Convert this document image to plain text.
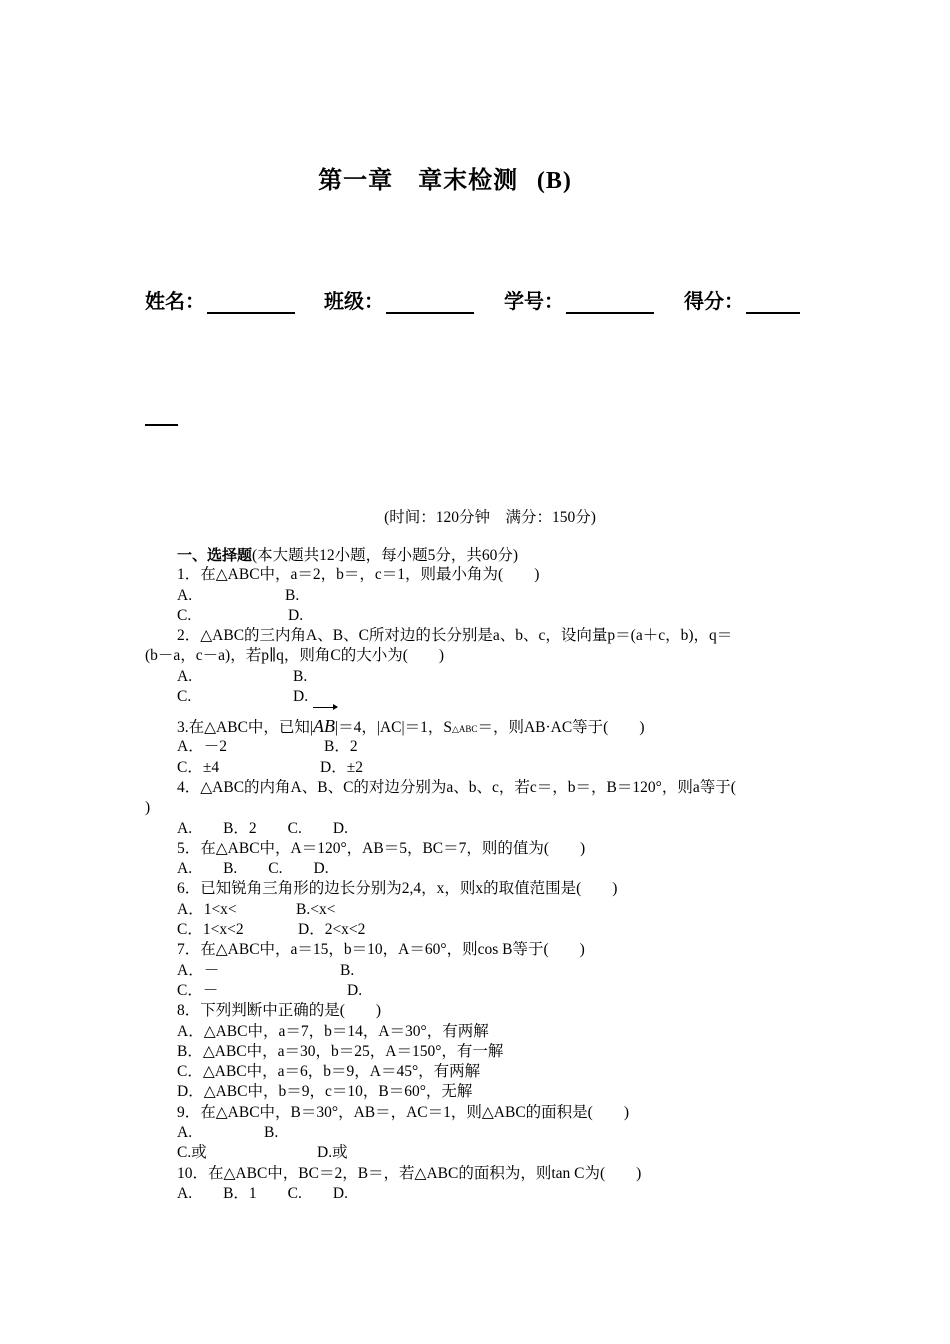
第一章　章末检测 (B)
姓名：	班级：	学号：	得分：
(时间：120分钟　满分：150分)
一、选择题(本大题共12小题，每小题5分，共60分)
1．在△ABC中，a＝2，b＝，c＝1，则最小角为(　　)
A.	B.
C.	D.
2．△ABC的三内角A、B、C所对边的长分别是a、b、c，设向量p＝(a＋c，b)，q＝
(b－a，c－a)，若p∥q，则角C的大小为(　　)
A.	B.
C.	D.
3.在△ABC中，已知|AB|＝4，|AC|＝1，S△ABC＝，则AB·AC等于(　　)
A．－2	B．2
C．±4	D．±2
4．△ABC的内角A、B、C的对边分别为a、b、c，若c＝，b＝，B＝120°，则a等于(
)
A.　　B．2　　C.　　D.
5．在△ABC中，A＝120°，AB＝5，BC＝7，则的值为(　　)
A.　　B.　　C.　　D.
6．已知锐角三角形的边长分别为2,4，x，则x的取值范围是(　　)
A．1<x<	B.<x<
C．1<x<2	D．2<x<2
7．在△ABC中，a＝15，b＝10，A＝60°，则cos B等于(　　)
A．－	B.
C．－	D.
8．下列判断中正确的是(　　)
A．△ABC中，a＝7，b＝14，A＝30°，有两解
B．△ABC中，a＝30，b＝25，A＝150°，有一解
C．△ABC中，a＝6，b＝9，A＝45°，有两解
D．△ABC中，b＝9，c＝10，B＝60°，无解
9．在△ABC中，B＝30°，AB＝，AC＝1，则△ABC的面积是(　　)
A.	B.
C.或	D.或
10．在△ABC中，BC＝2，B＝，若△ABC的面积为，则tan C为(　　)
A.　　B．1　　C.　　D.
